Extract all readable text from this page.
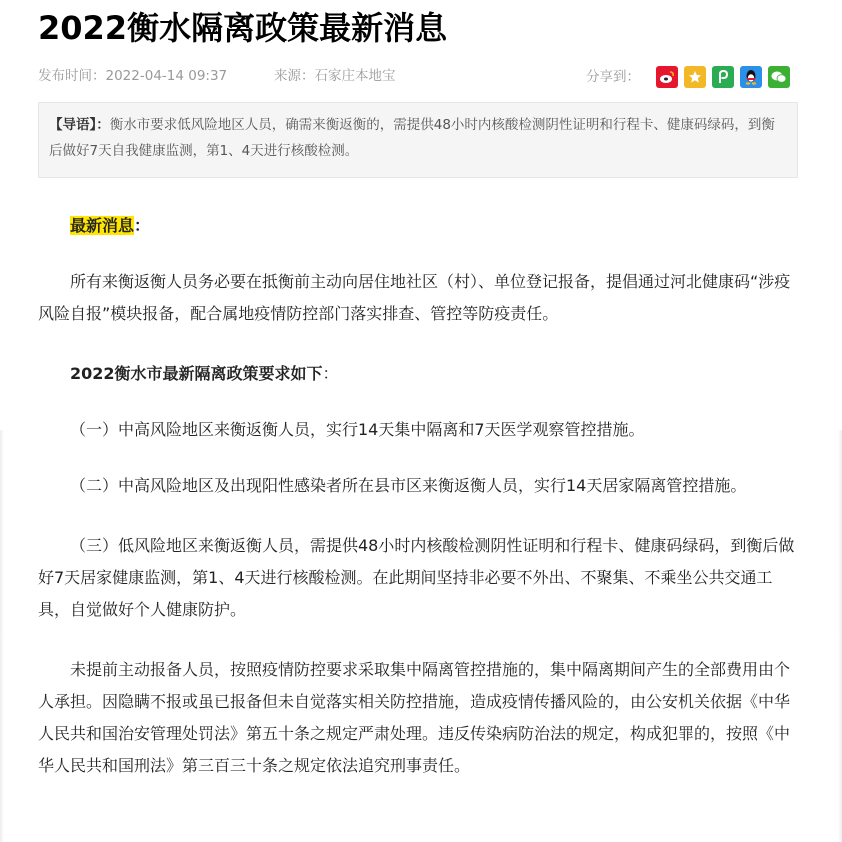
2022衡水隔离政策最新消息
发布时间：2022-04-14 09:37	来源：石家庄本地宝	分享到：
【导语】：衡水市要求低风险地区人员，确需来衡返衡的，需提供48小时内核酸检测阴性证明和行程卡、健康码绿码，到衡后做好7天自我健康监测，第1、4天进行核酸检测。

最新消息：

所有来衡返衡人员务必要在抵衡前主动向居住地社区（村）、单位登记报备，提倡通过河北健康码“涉疫风险自报”模块报备，配合属地疫情防控部门落实排查、管控等防疫责任。

2022衡水市最新隔离政策要求如下：

（一）中高风险地区来衡返衡人员，实行14天集中隔离和7天医学观察管控措施。

（二）中高风险地区及出现阳性感染者所在县市区来衡返衡人员，实行14天居家隔离管控措施。

（三）低风险地区来衡返衡人员，需提供48小时内核酸检测阴性证明和行程卡、健康码绿码，到衡后做好7天居家健康监测，第1、4天进行核酸检测。在此期间坚持非必要不外出、不聚集、不乘坐公共交通工具，自觉做好个人健康防护。

未提前主动报备人员，按照疫情防控要求采取集中隔离管控措施的，集中隔离期间产生的全部费用由个人承担。因隐瞒不报或虽已报备但未自觉落实相关防控措施，造成疫情传播风险的，由公安机关依据《中华人民共和国治安管理处罚法》第五十条之规定严肃处理。违反传染病防治法的规定，构成犯罪的，按照《中华人民共和国刑法》第三百三十条之规定依法追究刑事责任。
